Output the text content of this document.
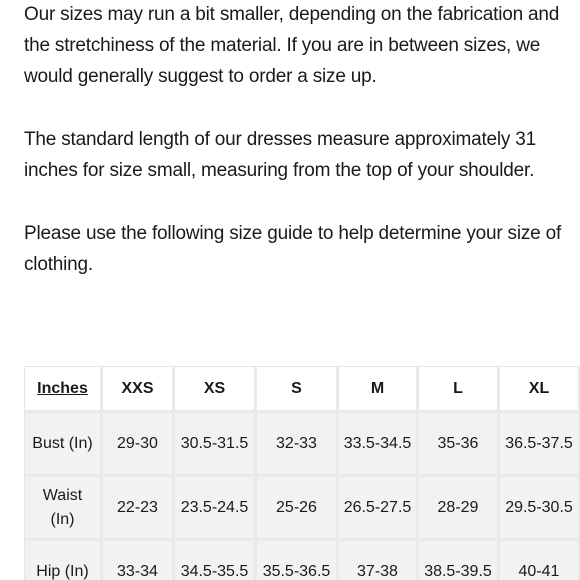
Our sizes may run a bit smaller, depending on the fabrication and the stretchiness of the material. If you are in between sizes, we would generally suggest to order a size up.

The standard length of our dresses measure approximately 31 inches for size small, measuring from the top of your shoulder.

Please use the following size guide to help determine your size of clothing.

Inches	XXS	XS	S	M	L	XL
Bust (In)	29-30	30.5-31.5	32-33	33.5-34.5	35-36	36.5-37.5
Waist (In)	22-23	23.5-24.5	25-26	26.5-27.5	28-29	29.5-30.5
Hip (In)	33-34	34.5-35.5	35.5-36.5	37-38	38.5-39.5	40-41
